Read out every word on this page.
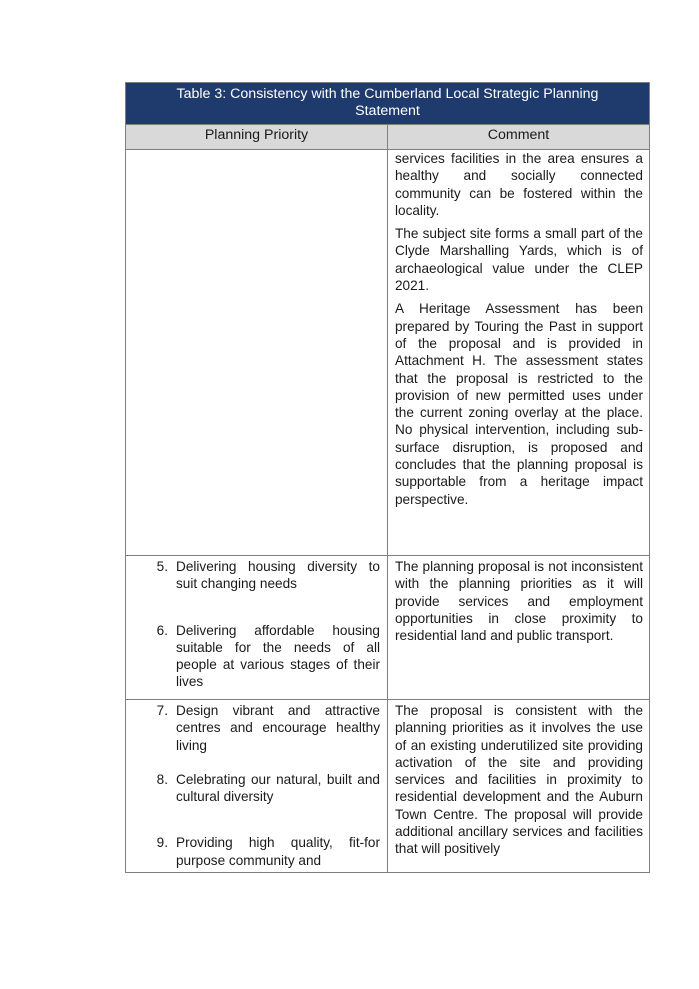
Table 3: Consistency with the Cumberland Local Strategic Planning Statement
Planning Priority	Comment

services facilities in the area ensures a healthy and socially connected community can be fostered within the locality.

The subject site forms a small part of the Clyde Marshalling Yards, which is of archaeological value under the CLEP 2021.

A Heritage Assessment has been prepared by Touring the Past in support of the proposal and is provided in Attachment H. The assessment states that the proposal is restricted to the provision of new permitted uses under the current zoning overlay at the place. No physical intervention, including sub-surface disruption, is proposed and concludes that the planning proposal is supportable from a heritage impact perspective.

5. Delivering housing diversity to suit changing needs
6. Delivering affordable housing suitable for the needs of all people at various stages of their lives

The planning proposal is not inconsistent with the planning priorities as it will provide services and employment opportunities in close proximity to residential land and public transport.

7. Design vibrant and attractive centres and encourage healthy living
8. Celebrating our natural, built and cultural diversity
9. Providing high quality, fit-for purpose community and

The proposal is consistent with the planning priorities as it involves the use of an existing underutilized site providing activation of the site and providing services and facilities in proximity to residential development and the Auburn Town Centre. The proposal will provide additional ancillary services and facilities that will positively
